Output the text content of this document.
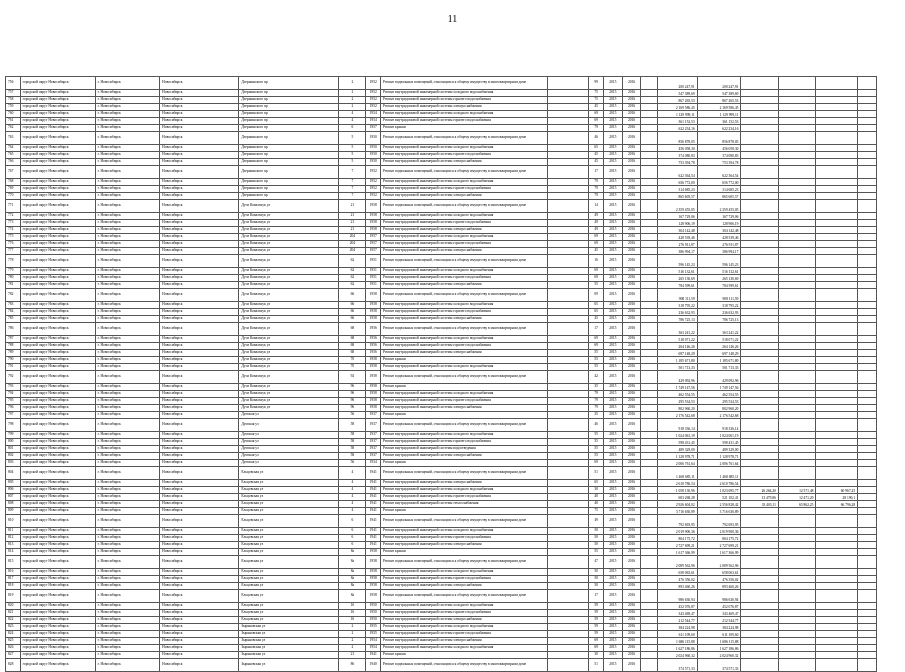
11
756	городской округ Новосибирск	г. Новосибирск	Новосибирск	Дзержинского пр	2	1952	Ремонт подвальных помещений, относящихся к общему имуществу в многоквартирном доме		99	2015	2016		200 247,91	200 247,91				
757	городской округ Новосибирск	г. Новосибирск	Новосибирск	Дзержинского пр	2	1952	Ремонт внутридомовой инженерной системы холодного водоснабжения		75	2015	2016		547 389,69	547 389,69				
758	городской округ Новосибирск	г. Новосибирск	Новосибирск	Дзержинского пр	2	1952	Ремонт внутридомовой инженерной системы горячего водоснабжения		75	2015	2016		867 265,53	867 265,53				
759	городской округ Новосибирск	г. Новосибирск	Новосибирск	Дзержинского пр	2	1952	Ремонт внутридомовой инженерной системы электроснабжения		45	2015	2016		2 169 586,45	2 169 586,45				
760	городской округ Новосибирск	г. Новосибирск	Новосибирск	Дзержинского пр	4	1954	Ремонт внутридомовой инженерной системы холодного водоснабжения		69	2015	2016		1 129 999,11	1 129 999,11				
761	городской округ Новосибирск	г. Новосибирск	Новосибирск	Дзержинского пр	4	1954	Ремонт внутридомовой инженерной системы горячего водоснабжения		69	2015	2016		361 152,53	361 152,53				
762	городской округ Новосибирск	г. Новосибирск	Новосибирск	Дзержинского пр	6	1957	Ремонт крыши		79	2015	2016		622 234,16	622 234,16				
763	городской округ Новосибирск	г. Новосибирск	Новосибирск	Дзержинского пр	5	1950	Ремонт подвальных помещений, относящихся к общему имуществу в многоквартирном доме		46	2015	2016		856 878,05	856 878,05				
764	городской округ Новосибирск	г. Новосибирск	Новосибирск	Дзержинского пр	5	1950	Ремонт внутридомовой инженерной системы холодного водоснабжения		65	2015	2016		456 058,30	456 058,30				
765	городской округ Новосибирск	г. Новосибирск	Новосибирск	Дзержинского пр	5	1950	Ремонт внутридомовой инженерной системы горячего водоснабжения		45	2015	2016		374 080,83	374 080,83				
766	городской округ Новосибирск	г. Новосибирск	Новосибирск	Дзержинского пр	5	1950	Ремонт внутридомовой инженерной системы электроснабжения		45	2015	2016		753 394,78	753 394,78				
767	городской округ Новосибирск	г. Новосибирск	Новосибирск	Дзержинского пр	7	1952	Ремонт подвальных помещений, относящихся к общему имуществу в многоквартирном доме		17	2015	2016		622 364,54	622 364,54				
768	городской округ Новосибирск	г. Новосибирск	Новосибирск	Дзержинского пр	7	1952	Ремонт внутридомовой инженерной системы холодного водоснабжения		79	2015	2016		656 772,00	656 772,00				
769	городской округ Новосибирск	г. Новосибирск	Новосибирск	Дзержинского пр	7	1952	Ремонт внутридомовой инженерной системы горячего водоснабжения		79	2015	2016		314 685,23	314 685,23				
770	городской округ Новосибирск	г. Новосибирск	Новосибирск	Дзержинского пр	7	1952	Ремонт внутридомовой инженерной системы электроснабжения		79	2015	2016		865 605,57	865 605,57				
771	городской округ Новосибирск	г. Новосибирск	Новосибирск	Дуси Ковальчук ул	21	1958	Ремонт подвальных помещений, относящихся к общему имуществу в многоквартирном доме		14	2015	2016		2 359 455,05	2 359 455,05				
772	городской округ Новосибирск	г. Новосибирск	Новосибирск	Дуси Ковальчук ул	21	1958	Ремонт внутридомовой инженерной системы холодного водоснабжения		49	2015	2016		167 729,06	167 729,06				
773	городской округ Новосибирск	г. Новосибирск	Новосибирск	Дуси Ковальчук ул	21	1958	Ремонт внутридомовой инженерной системы горячего водоснабжения		49	2015	2016		128 906,19	128 906,19				
774	городской округ Новосибирск	г. Новосибирск	Новосибирск	Дуси Ковальчук ул	21	1958	Ремонт внутридомовой инженерной системы электроснабжения		49	2015	2016		304 142,48	304 142,48				
775	городской округ Новосибирск	г. Новосибирск	Новосибирск	Дуси Ковальчук ул	204	1957	Ремонт внутридомовой инженерной системы холодного водоснабжения		69	2015	2016		428 539,46	428 539,46				
776	городской округ Новосибирск	г. Новосибирск	Новосибирск	Дуси Ковальчук ул	204	1957	Ремонт внутридомовой инженерной системы горячего водоснабжения		69	2015	2016		276 911,87	276 911,87				
777	городской округ Новосибирск	г. Новосибирск	Новосибирск	Дуси Ковальчук ул	204	1957	Ремонт внутридомовой инженерной системы электроснабжения		45	2015	2016		386 994,17	386 994,17				
778	городской округ Новосибирск	г. Новосибирск	Новосибирск	Дуси Ковальчук ул	62	1951	Ремонт подвальных помещений, относящихся к общему имуществу в многоквартирном доме		16	2015	2016		596 145,23	596 145,23				
779	городской округ Новосибирск	г. Новосибирск	Новосибирск	Дуси Ковальчук ул	62	1951	Ремонт внутридомовой инженерной системы холодного водоснабжения		69	2015	2016		516 132,61	516 132,61				
780	городской округ Новосибирск	г. Новосибирск	Новосибирск	Дуси Ковальчук ул	62	1951	Ремонт внутридомовой инженерной системы горячего водоснабжения		69	2015	2016		265 130,69	265 130,69				
781	городской округ Новосибирск	г. Новосибирск	Новосибирск	Дуси Ковальчук ул	62	1951	Ремонт внутридомовой инженерной системы электроснабжения		55	2015	2016		784 599,61	784 599,61				
782	городской округ Новосибирск	г. Новосибирск	Новосибирск	Дуси Ковальчук ул	66	1958	Ремонт подвальных помещений, относящихся к общему имуществу в многоквартирном доме		09	2015	2016		908 111,59	908 111,59				
783	городской округ Новосибирск	г. Новосибирск	Новосибирск	Дуси Ковальчук ул	66	1958	Ремонт внутридомовой инженерной системы холодного водоснабжения		65	2015	2016		318 795,22	318 795,22				
784	городской округ Новосибирск	г. Новосибирск	Новосибирск	Дуси Ковальчук ул	66	1958	Ремонт внутридомовой инженерной системы горячего водоснабжения		65	2015	2016		236 632,93	236 632,93				
785	городской округ Новосибирск	г. Новосибирск	Новосибирск	Дуси Ковальчук ул	66	1958	Ремонт внутридомовой инженерной системы электроснабжения		45	2015	2016		786 725,13	786 725,13				
786	городской округ Новосибирск	г. Новосибирск	Новосибирск	Дуси Ковальчук ул	68	1956	Ремонт подвальных помещений, относящихся к общему имуществу в многоквартирном доме		17	2015	2016		363 241,22	363 241,22				
787	городской округ Новосибирск	г. Новосибирск	Новосибирск	Дуси Ковальчук ул	68	1956	Ремонт внутридомовой инженерной системы холодного водоснабжения		69	2015	2016		518 071,22	518 071,22				
788	городской округ Новосибирск	г. Новосибирск	Новосибирск	Дуси Ковальчук ул	68	1956	Ремонт внутридомовой инженерной системы горячего водоснабжения		69	2015	2016		264 146,26	264 146,26				
789	городской округ Новосибирск	г. Новосибирск	Новосибирск	Дуси Ковальчук ул	68	1956	Ремонт внутридомовой инженерной системы электроснабжения		55	2015	2016		697 148,29	697 148,29				
790	городской округ Новосибирск	г. Новосибирск	Новосибирск	Дуси Ковальчук ул	70	1958	Ремонт крыши		55	2015	2016		1 185 671,80	1 185 671,80				
791	городской округ Новосибирск	г. Новосибирск	Новосибирск	Дуси Ковальчук ул	70	1958	Ремонт внутридомовой инженерной системы холодного водоснабжения		55	2015	2016		501 713,33	501 713,33				
792	городской округ Новосибирск	г. Новосибирск	Новосибирск	Дуси Ковальчук ул	92	1958	Ремонт подвальных помещений, относящихся к общему имуществу в многоквартирном доме		42	2015	2016		429 092,96	429 092,96				
793	городской округ Новосибирск	г. Новосибирск	Новосибирск	Дуси Ковальчук ул	96	1958	Ремонт крыши		35	2015	2016		1 749 147,56	1 749 147,56				
794	городской округ Новосибирск	г. Новосибирск	Новосибирск	Дуси Ковальчук ул	96	1958	Ремонт внутридомовой инженерной системы холодного водоснабжения		79	2015	2016		462 554,55	462 554,55				
795	городской округ Новосибирск	г. Новосибирск	Новосибирск	Дуси Ковальчук ул	96	1958	Ремонт внутридомовой инженерной системы горячего водоснабжения		79	2015	2016		295 534,53	295 534,53				
796	городской округ Новосибирск	г. Новосибирск	Новосибирск	Дуси Ковальчук ул	96	1958	Ремонт внутридомовой инженерной системы электроснабжения		79	2015	2016		802 960,20	802 960,20				
797	городской округ Новосибирск	г. Новосибирск	Новосибирск	Думская ул	56	1937	Ремонт крыши		35	2015	2016		2 176 542,68	2 176 542,68				
798	городской округ Новосибирск	г. Новосибирск	Новосибирск	Думская ул	58	1937	Ремонт подвальных помещений, относящихся к общему имуществу в многоквартирном доме		46	2015	2016		918 336,14	918 336,14				
799	городской округ Новосибирск	г. Новосибирск	Новосибирск	Думская ул	58	1937	Ремонт внутридомовой инженерной системы холодного водоснабжения		55	2015	2016		1 024 061,19	1 024 061,19				
800	городской округ Новосибирск	г. Новосибирск	Новосибирск	Думская ул	58	1937	Ремонт внутридомовой инженерной системы горячего водоснабжения		55	2015	2016		598 431,45	598 431,45				
801	городской округ Новосибирск	г. Новосибирск	Новосибирск	Думская ул	58	1937	Ремонт внутридомовой инженерной системы водоотведения		55	2015	2016		489 329,00	489 329,00				
802	городской округ Новосибирск	г. Новосибирск	Новосибирск	Думская ул	58	1937	Ремонт внутридомовой инженерной системы электроснабжения		55	2015	2016		1 128 978,71	1 128 978,71				
803	городской округ Новосибирск	г. Новосибирск	Новосибирск	Думская ул	56	1934	Ремонт крыши		69	2015	2016		2 006 761,64	2 006 761,64				
804	городской округ Новосибирск	г. Новосибирск	Новосибирск	Ельцовская ул	4	1941	Ремонт подвальных помещений, относящихся к общему имуществу в многоквартирном доме		51	2015	2016		1 468 685,11	1 468 685,11				
805	городской округ Новосибирск	г. Новосибирск	Новосибирск	Ельцовская ул	4	1941	Ремонт внутридомовой инженерной системы электроснабжения		65	2015	2016		2 610 786,54	2 610 786,54				
806	городской округ Новосибирск	г. Новосибирск	Новосибирск	Ельцовская ул	4	1941	Ремонт внутридомовой инженерной системы холодного водоснабжения		30	2015	2016		1 058 130,96	1 023 695,77	26 264,20	12 571,48	60 967,25	
807	городской округ Новосибирск	г. Новосибирск	Новосибирск	Ельцовская ул	4	1941	Ремонт внутридомовой инженерной системы горячего водоснабжения		40	2015	2016		603 268,28	521 102,41	13 479,86	12 471,20	28 190,1	
808	городской округ Новосибирск	г. Новосибирск	Новосибирск	Ельцовская ул	4	1941	Ремонт внутридомовой инженерной системы теплоснабжения		40	2015	2016		2 926 604,02	2 556 828,42	33 403,11	65 862,25	66 796,28	
809	городской округ Новосибирск	г. Новосибирск	Новосибирск	Ельцовская ул	4	1941	Ремонт крыши		75	2015	2016		3 716 630,89	3 716 630,89				
810	городской округ Новосибирск	г. Новосибирск	Новосибирск	Ельцовская ул	6	1941	Ремонт подвальных помещений, относящихся к общему имуществу в многоквартирном доме		49	2015	2016		792 693,95	792 693,95				
811	городской округ Новосибирск	г. Новосибирск	Новосибирск	Ельцовская ул	6	1941	Ремонт внутридомовой инженерной системы холодного водоснабжения		50	2015	2016		2 019 900,36	2 019 900,36				
812	городской округ Новосибирск	г. Новосибирск	Новосибирск	Ельцовская ул	6	1941	Ремонт внутридомовой инженерной системы горячего водоснабжения		50	2015	2016		804 175,72	804 175,72				
813	городской округ Новосибирск	г. Новосибирск	Новосибирск	Ельцовская ул	6	1941	Ремонт внутридомовой инженерной системы электроснабжения		50	2015	2016		2 727 699,21	2 727 699,21				
814	городской округ Новосибирск	г. Новосибирск	Новосибирск	Ельцовская ул	8a	1958	Ремонт крыши		55	2015	2016		1 617 366,99	1 617 366,99				
815	городской округ Новосибирск	г. Новосибирск	Новосибирск	Ельцовская ул	8a	1958	Ремонт подвальных помещений, относящихся к общему имуществу в многоквартирном доме		47	2015	2016		2 089 562,96	2 089 562,96				
816	городской округ Новосибирск	г. Новосибирск	Новосибирск	Ельцовская ул	8a	1958	Ремонт внутридомовой инженерной системы холодного водоснабжения		50	2015	2016		658 063,61	658 063,61				
817	городской округ Новосибирск	г. Новосибирск	Новосибирск	Ельцовская ул	8a	1958	Ремонт внутридомовой инженерной системы горячего водоснабжения		50	2015	2016		476 356,02	476 356,02				
818	городской округ Новосибирск	г. Новосибирск	Новосибирск	Ельцовская ул	8a	1958	Ремонт внутридомовой инженерной системы электроснабжения		50	2015	2016		893 460,26	893 460,26				
819	городской округ Новосибирск	г. Новосибирск	Новосибирск	Ельцовская ул	8a	1958	Ремонт подвальных помещений, относящихся к общему имуществу в многоквартирном доме		17	2015	2016		986 630,94	986 630,94				
820	городской округ Новосибирск	г. Новосибирск	Новосибирск	Ельцовская ул	16	1950	Ремонт внутридомовой инженерной системы холодного водоснабжения		59	2015	2016		452 076,87	452 076,87				
821	городской округ Новосибирск	г. Новосибирск	Новосибирск	Ельцовская ул	16	1950	Ремонт внутридомовой инженерной системы горячего водоснабжения		59	2015	2016		343 469,47	343 469,47				
822	городской округ Новосибирск	г. Новосибирск	Новосибирск	Ельцовская ул	16	1950	Ремонт внутридомовой инженерной системы электроснабжения		59	2015	2016		212 544,77	212 544,77				
823	городской округ Новосибирск	г. Новосибирск	Новосибирск	Зыряновская ул	2	1955	Ремонт внутридомовой инженерной системы холодного водоснабжения		59	2015	2016		384 224,98	384 224,98				
824	городской округ Новосибирск	г. Новосибирск	Новосибирск	Зыряновская ул	2	1955	Ремонт внутридомовой инженерной системы горячего водоснабжения		59	2015	2016		611 109,60	611 109,60				
825	городской округ Новосибирск	г. Новосибирск	Новосибирск	Зыряновская ул	2	1954	Ремонт внутридомовой инженерной системы электроснабжения		69	2015	2016		1 686 115,88	1 686 115,88				
826	городской округ Новосибирск	г. Новосибирск	Новосибирск	Зыряновская ул	2	1954	Ремонт внутридомовой инженерной системы холодного водоснабжения		69	2015	2016		1 627 186,86	1 627 186,86				
827	городской округ Новосибирск	г. Новосибирск	Новосибирск	Зыряновская ул	21	1941	Ремонт крыши		30	2015	2016		2 024 960,32	2 024 960,32				
828	городской округ Новосибирск	г. Новосибирск	Новосибирск	Зыряновская ул	86	1940	Ремонт подвальных помещений, относящихся к общему имуществу в многоквартирном доме		51	2015	2016		374 571,33	374 571,33				
